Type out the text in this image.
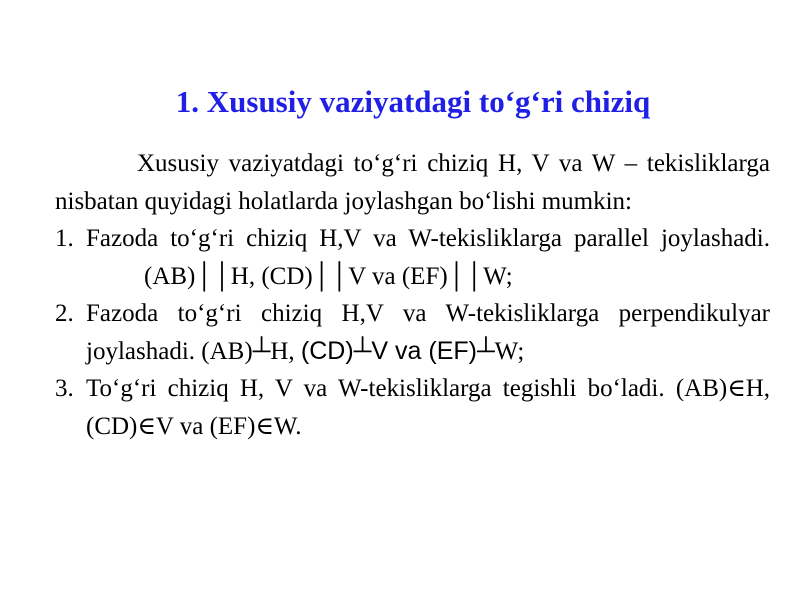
1. Xususiy vaziyatdagi to‘g‘ri chiziq

Xususiy vaziyatdagi to‘g‘ri chiziq H, V va W – tekisliklarga nisbatan quyidagi holatlarda joylashgan bo‘lishi mumkin:

1. Fazoda to‘g‘ri chiziq H,V va W-tekisliklarga parallel joylashadi.(AB)││H, (CD)││V va (EF)││W;
2. Fazoda to‘g‘ri chiziq H,V va W-tekisliklarga perpendikulyar joylashadi. (AB)┴H, (CD)┴V va (EF)┴W;
3. To‘g‘ri chiziq H, V va W-tekisliklarga tegishli bo‘ladi. (AB)∈H, (CD)∈V va (EF)∈W.
